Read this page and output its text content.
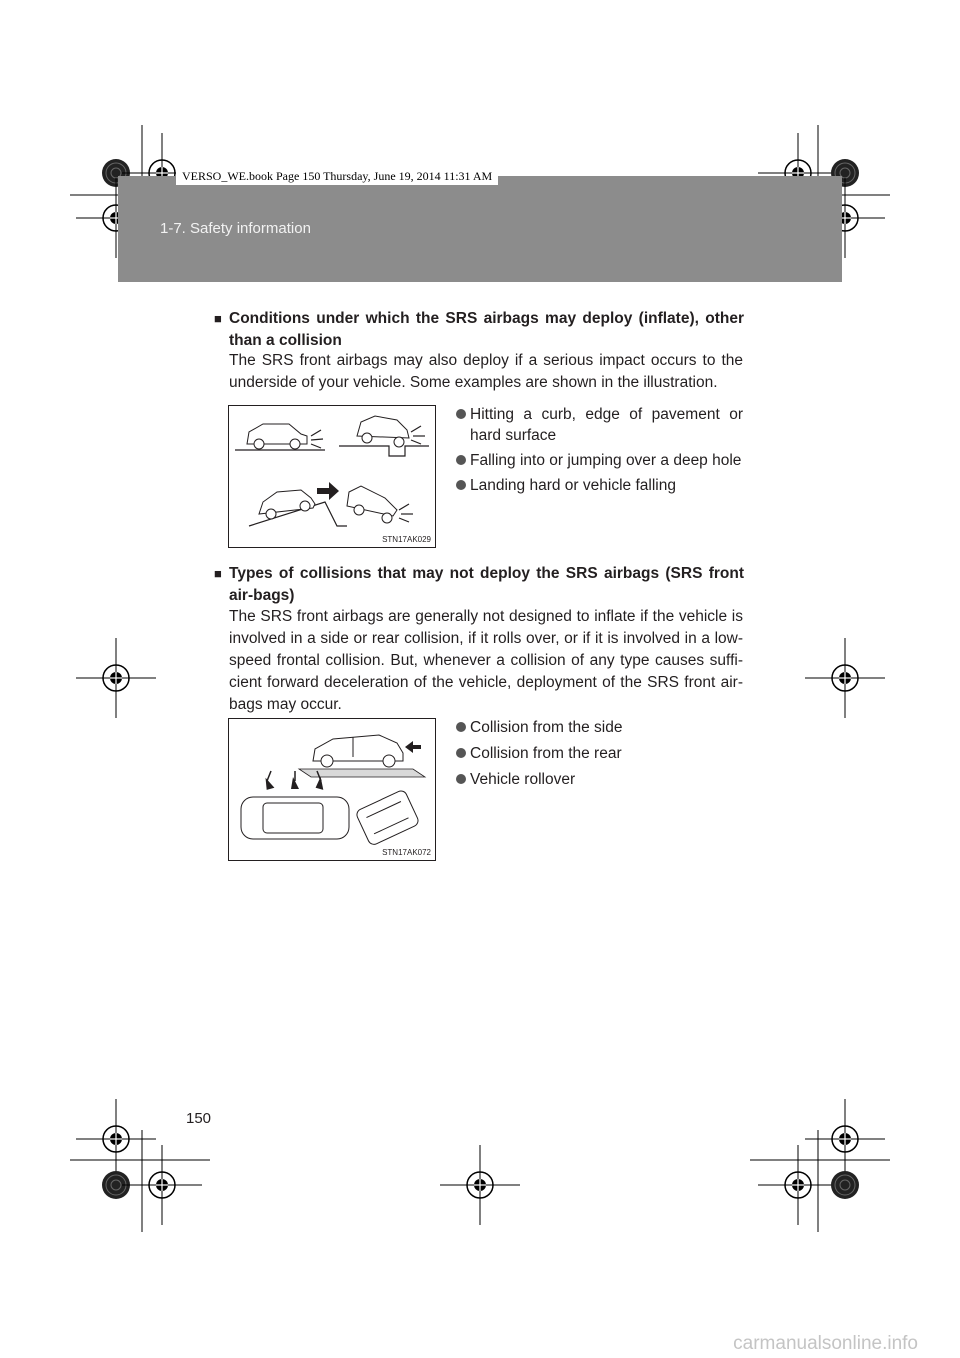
VERSO_WE.book Page 150 Thursday, June 19, 2014 11:31 AM
1-7. Safety information
■ Conditions under which the SRS airbags may deploy (inflate), other than a collision
The SRS front airbags may also deploy if a serious impact occurs to the underside of your vehicle. Some examples are shown in the illustration.
STN17AK029
Hitting a curb, edge of pavement or hard surface
Falling into or jumping over a deep hole
Landing hard or vehicle falling
■ Types of collisions that may not deploy the SRS airbags (SRS front air-bags)
The SRS front airbags are generally not designed to inflate if the vehicle is involved in a side or rear collision, if it rolls over, or if it is involved in a low-speed frontal collision. But, whenever a collision of any type causes suffi-cient forward deceleration of the vehicle, deployment of the SRS front air-bags may occur.
STN17AK072
Collision from the side
Collision from the rear
Vehicle rollover
150
carmanualsonline.info
